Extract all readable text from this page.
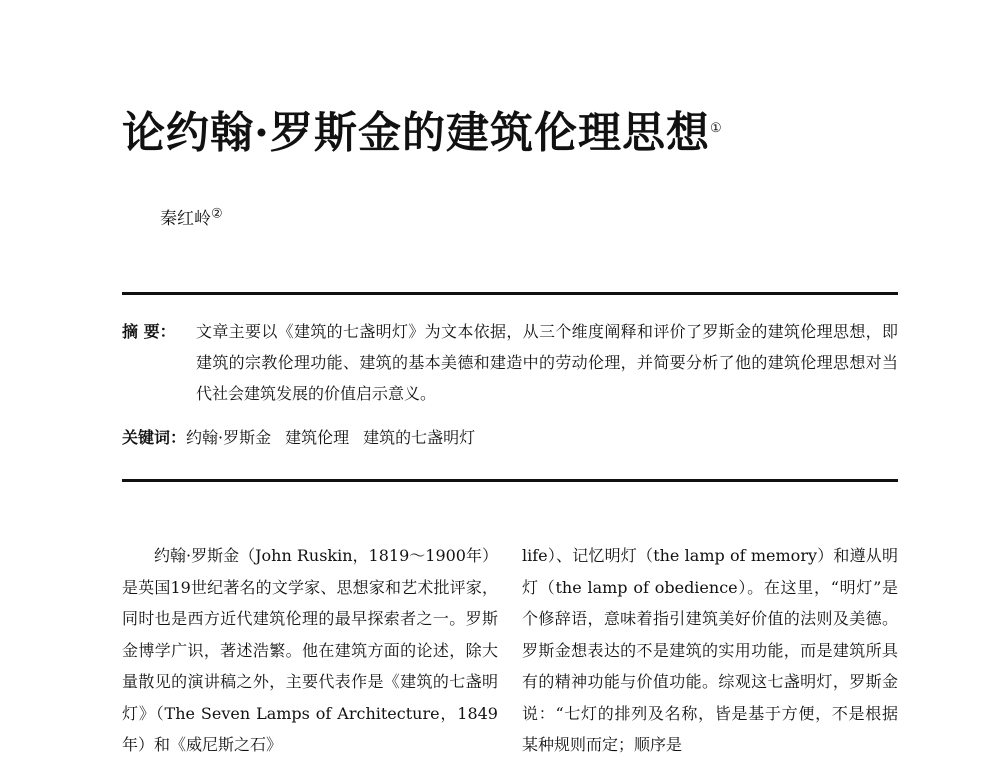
论约翰·罗斯金的建筑伦理思想①
秦红岭②
摘 要： 文章主要以《建筑的七盏明灯》为文本依据，从三个维度阐释和评价了罗斯金的建筑伦理思想，即建筑的宗教伦理功能、建筑的基本美德和建造中的劳动伦理，并简要分析了他的建筑伦理思想对当代社会建筑发展的价值启示意义。
关键词：约翰·罗斯金 建筑伦理 建筑的七盏明灯
约翰·罗斯金（John Ruskin，1819～1900年）是英国19世纪著名的文学家、思想家和艺术批评家，同时也是西方近代建筑伦理的最早探索者之一。罗斯金博学广识，著述浩繁。他在建筑方面的论述，除大量散见的演讲稿之外，主要代表作是《建筑的七盏明灯》（The Seven Lamps of Architecture，1849年）和《威尼斯之石》
life）、记忆明灯（the lamp of memory）和遵从明灯（the lamp of obedience）。在这里，“明灯”是个修辞语，意味着指引建筑美好价值的法则及美德。罗斯金想表达的不是建筑的实用功能，而是建筑所具有的精神功能与价值功能。综观这七盏明灯，罗斯金说：“七灯的排列及名称，皆是基于方便，不是根据某种规则而定；顺序是
